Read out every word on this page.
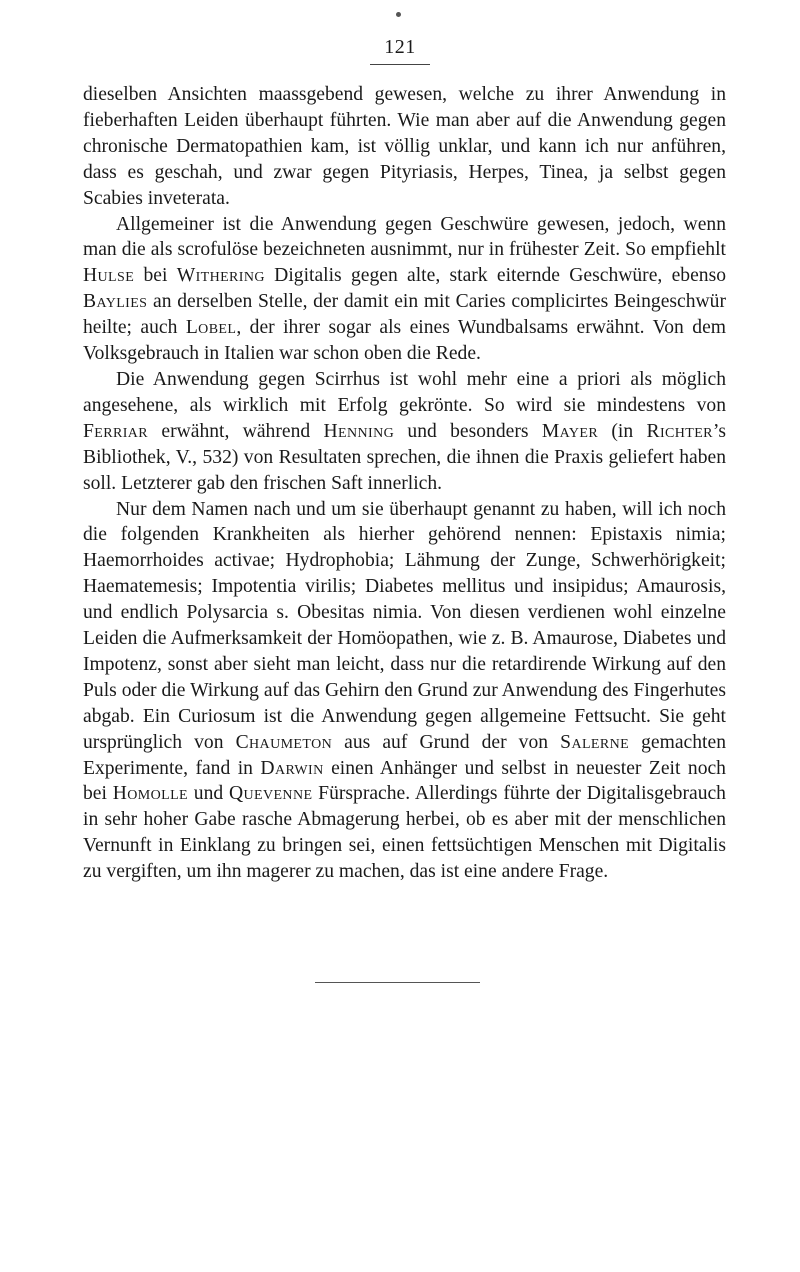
121

dieselben Ansichten maassgebend gewesen, welche zu ihrer Anwendung in fieberhaften Leiden überhaupt führten. Wie man aber auf die Anwendung gegen chronische Dermatopathien kam, ist völlig unklar, und kann ich nur anführen, dass es geschah, und zwar gegen Pityriasis, Herpes, Tinea, ja selbst gegen Scabies inveterata.

Allgemeiner ist die Anwendung gegen Geschwüre gewesen, jedoch, wenn man die als scrofulöse bezeichneten ausnimmt, nur in frühester Zeit. So empfiehlt Hulse bei Withering Digitalis gegen alte, stark eiternde Geschwüre, ebenso Baylies an derselben Stelle, der damit ein mit Caries complicirtes Beingeschwür heilte; auch Lobel, der ihrer sogar als eines Wundbalsams erwähnt. Von dem Volksgebrauch in Italien war schon oben die Rede.

Die Anwendung gegen Scirrhus ist wohl mehr eine a priori als möglich angesehene, als wirklich mit Erfolg gekrönte. So wird sie mindestens von Ferriar erwähnt, während Henning und besonders Mayer (in Richter’s Bibliothek, V., 532) von Resultaten sprechen, die ihnen die Praxis geliefert haben soll. Letzterer gab den frischen Saft innerlich.

Nur dem Namen nach und um sie überhaupt genannt zu haben, will ich noch die folgenden Krankheiten als hierher gehörend nennen: Epistaxis nimia; Haemorrhoides activae; Hydrophobia; Lähmung der Zunge, Schwerhörigkeit; Haematemesis; Impotentia virilis; Diabetes mellitus und insipidus; Amaurosis, und endlich Polysarcia s. Obesitas nimia. Von diesen verdienen wohl einzelne Leiden die Aufmerksamkeit der Homöopathen, wie z. B. Amaurose, Diabetes und Impotenz, sonst aber sieht man leicht, dass nur die retardirende Wirkung auf den Puls oder die Wirkung auf das Gehirn den Grund zur Anwendung des Fingerhutes abgab. Ein Curiosum ist die Anwendung gegen allgemeine Fettsucht. Sie geht ursprünglich von Chaumeton aus auf Grund der von Salerne gemachten Experimente, fand in Darwin einen Anhänger und selbst in neuester Zeit noch bei Homolle und Quevenne Fürsprache. Allerdings führte der Digitalisgebrauch in sehr hoher Gabe rasche Abmagerung herbei, ob es aber mit der menschlichen Vernunft in Einklang zu bringen sei, einen fettsüchtigen Menschen mit Digitalis zu vergiften, um ihn magerer zu machen, das ist eine andere Frage.
